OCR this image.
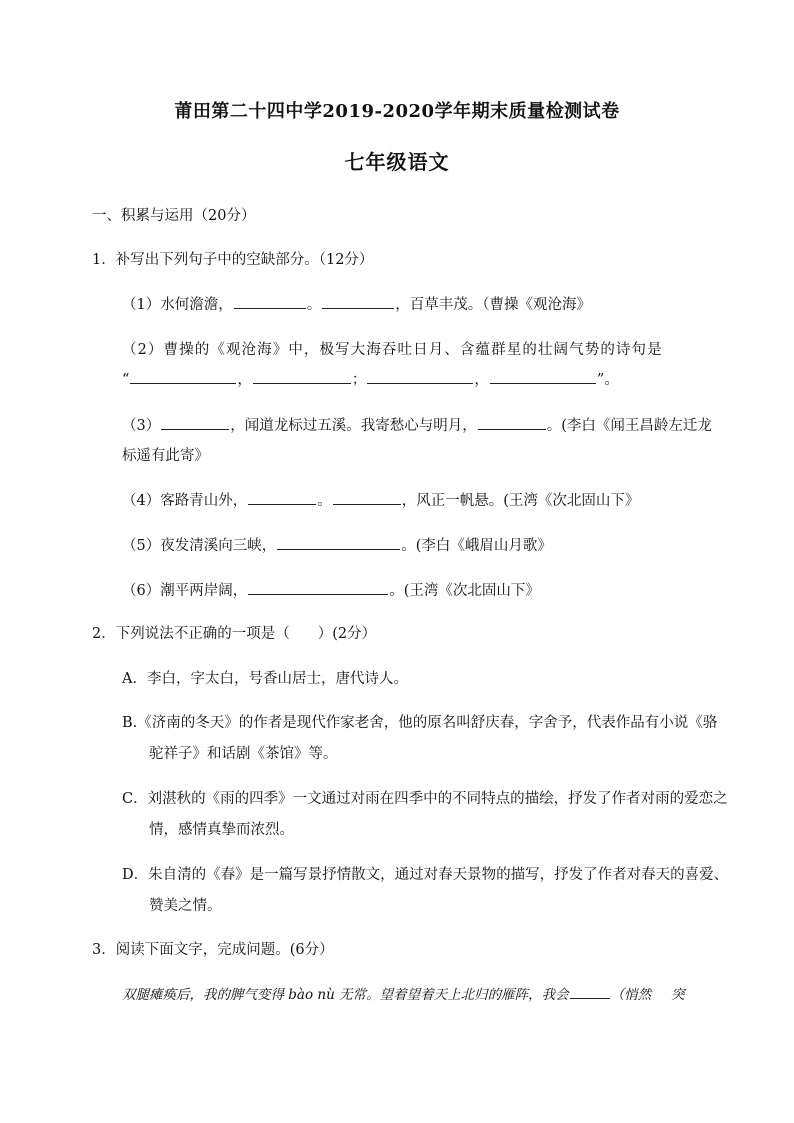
莆田第二十四中学2019-2020学年期末质量检测试卷
七年级语文
一、积累与运用（20分）
1．补写出下列句子中的空缺部分。（12分）
（1）水何澹澹，	。	，百草丰茂。（曹操《观沧海》
（2）曹操的《观沧海》中，极写大海吞吐日月、含蕴群星的壮阔气势的诗句是
“	，	；	，	”。
（3）	，闻道龙标过五溪。我寄愁心与明月，	。(李白《闻王昌龄左迁龙
标遥有此寄》
（4）客路青山外，	。	，风正一帆悬。(王湾《次北固山下》
（5）夜发清溪向三峡，	。(李白《峨眉山月歌》
（6）潮平两岸阔，	。(王湾《次北固山下》
2．下列说法不正确的一项是（ ）(2分）
A．李白，字太白，号香山居士，唐代诗人。
B.《济南的冬天》的作者是现代作家老舍，他的原名叫舒庆春，字舍予，代表作品有小说《骆
驼祥子》和话剧《茶馆》等。
C．刘湛秋的《雨的四季》一文通过对雨在四季中的不同特点的描绘，抒发了作者对雨的爱恋之
情，感情真挚而浓烈。
D．朱自清的《春》是一篇写景抒情散文，通过对春天景物的描写，抒发了作者对春天的喜爱、
赞美之情。
3．阅读下面文字，完成问题。(6分）
双腿瘫痪后，我的脾气变得 bào nù 无常。望着望着天上北归的雁阵，我会	（悄然 突
